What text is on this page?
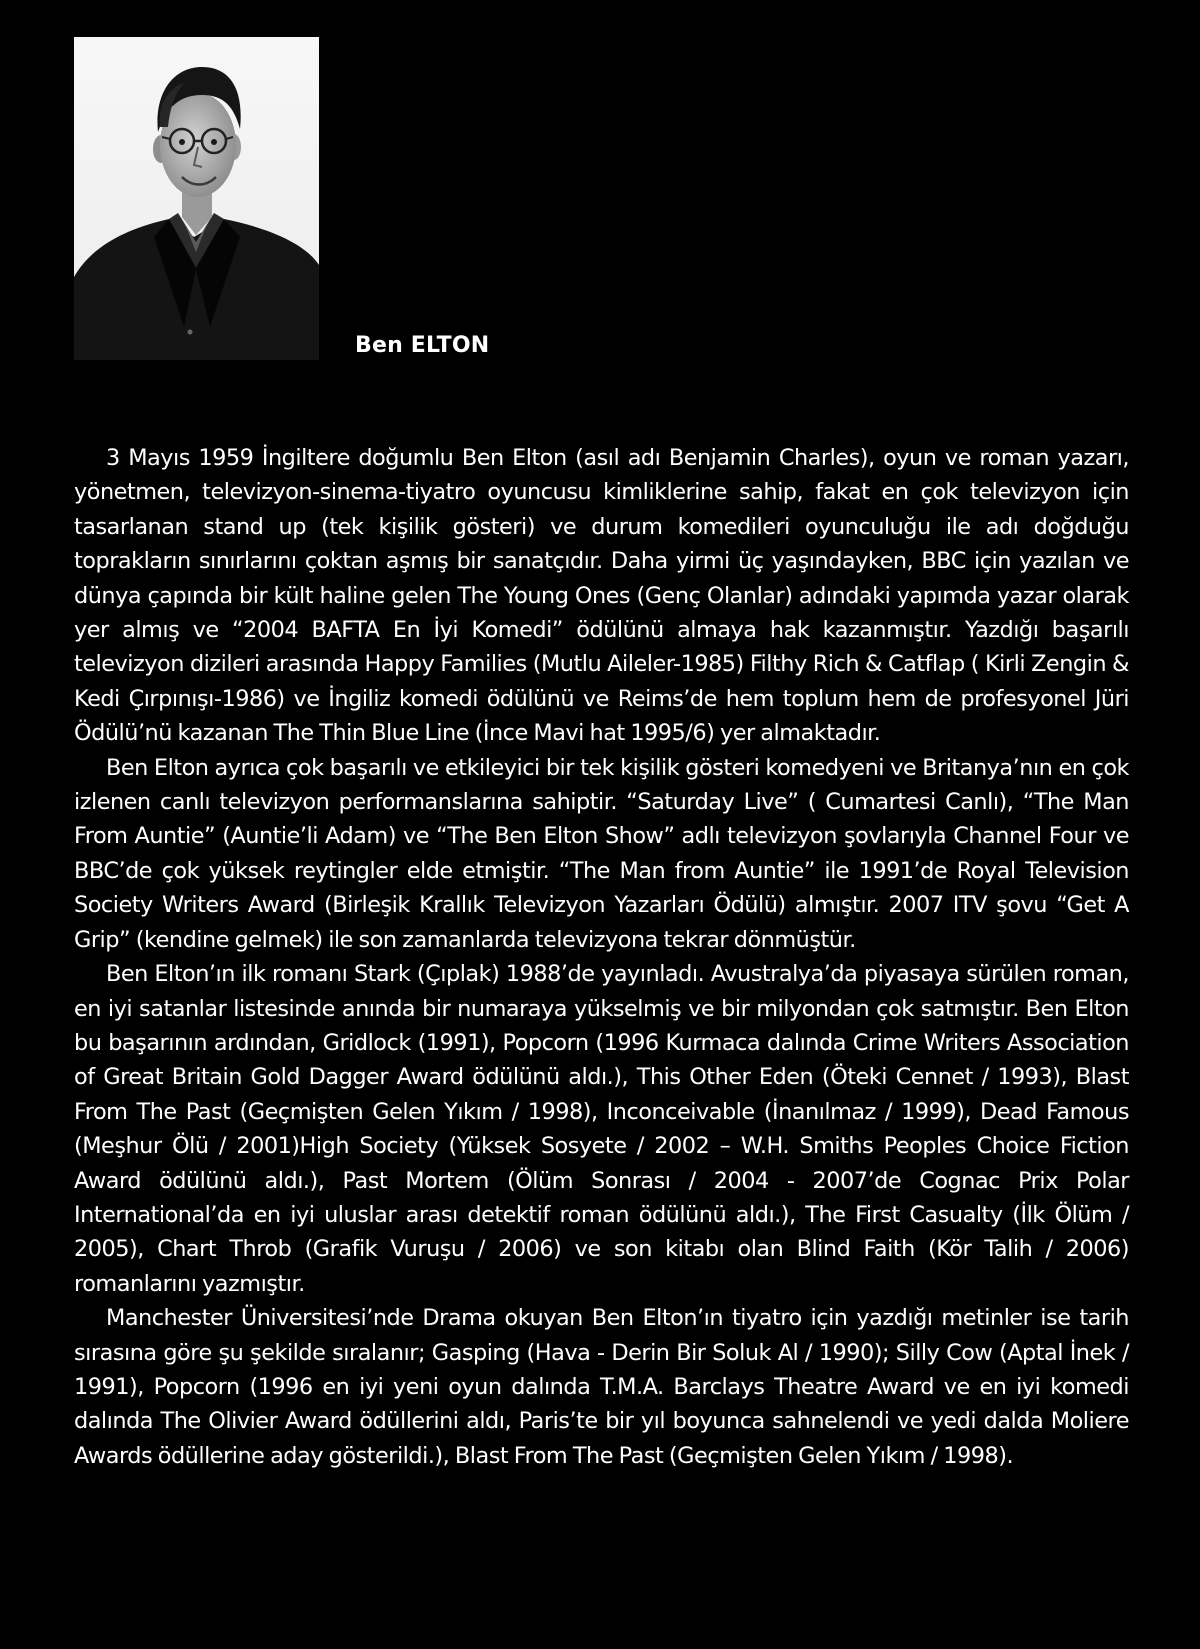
Ben ELTON

3 Mayıs 1959 İngiltere doğumlu Ben Elton (asıl adı Benjamin Charles), oyun ve roman yazarı, yönetmen, televizyon-sinema-tiyatro oyuncusu kimliklerine sahip, fakat en çok televizyon için tasarlanan stand up (tek kişilik gösteri) ve durum komedileri oyunculuğu ile adı doğduğu toprakların sınırlarını çoktan aşmış bir sanatçıdır. Daha yirmi üç yaşındayken, BBC için yazılan ve dünya çapında bir kült haline gelen The Young Ones (Genç Olanlar) adındaki yapımda yazar olarak yer almış ve “2004 BAFTA En İyi Komedi” ödülünü almaya hak kazanmıştır. Yazdığı başarılı televizyon dizileri arasında Happy Families (Mutlu Aileler-1985) Filthy Rich & Catflap ( Kirli Zengin & Kedi Çırpınışı-1986) ve İngiliz komedi ödülünü ve Reims’de hem toplum hem de profesyonel Jüri Ödülü’nü kazanan The Thin Blue Line (İnce Mavi hat 1995/6) yer almaktadır.

Ben Elton ayrıca çok başarılı ve etkileyici bir tek kişilik gösteri komedyeni ve Britanya’nın en çok izlenen canlı televizyon performanslarına sahiptir. “Saturday Live” ( Cumartesi Canlı), “The Man From Auntie” (Auntie’li Adam) ve “The Ben Elton Show” adlı televizyon şovlarıyla Channel Four ve BBC’de çok yüksek reytingler elde etmiştir. “The Man from Auntie” ile 1991’de Royal Television Society Writers Award (Birleşik Krallık Televizyon Yazarları Ödülü) almıştır. 2007 ITV şovu “Get A Grip” (kendine gelmek) ile son zamanlarda televizyona tekrar dönmüştür.

Ben Elton’ın ilk romanı Stark (Çıplak) 1988’de yayınladı. Avustralya’da piyasaya sürülen roman, en iyi satanlar listesinde anında bir numaraya yükselmiş ve bir milyondan çok satmıştır. Ben Elton bu başarının ardından, Gridlock (1991), Popcorn (1996 Kurmaca dalında Crime Writers Association of Great Britain Gold Dagger Award ödülünü aldı.), This Other Eden (Öteki Cennet / 1993), Blast From The Past (Geçmişten Gelen Yıkım / 1998), Inconceivable (İnanılmaz / 1999), Dead Famous (Meşhur Ölü / 2001)High Society (Yüksek Sosyete / 2002 – W.H. Smiths Peoples Choice Fiction Award ödülünü aldı.), Past Mortem (Ölüm Sonrası / 2004 - 2007’de Cognac Prix Polar International’da en iyi uluslar arası detektif roman ödülünü aldı.), The First Casualty (İlk Ölüm / 2005), Chart Throb (Grafik Vuruşu / 2006) ve son kitabı olan Blind Faith (Kör Talih / 2006) romanlarını yazmıştır.

Manchester Üniversitesi’nde Drama okuyan Ben Elton’ın tiyatro için yazdığı metinler ise tarih sırasına göre şu şekilde sıralanır; Gasping (Hava - Derin Bir Soluk Al / 1990); Silly Cow (Aptal İnek / 1991), Popcorn (1996 en iyi yeni oyun dalında T.M.A. Barclays Theatre Award ve en iyi komedi dalında The Olivier Award ödüllerini aldı, Paris’te bir yıl boyunca sahnelendi ve yedi dalda Moliere Awards ödüllerine aday gösterildi.), Blast From The Past (Geçmişten Gelen Yıkım / 1998).
